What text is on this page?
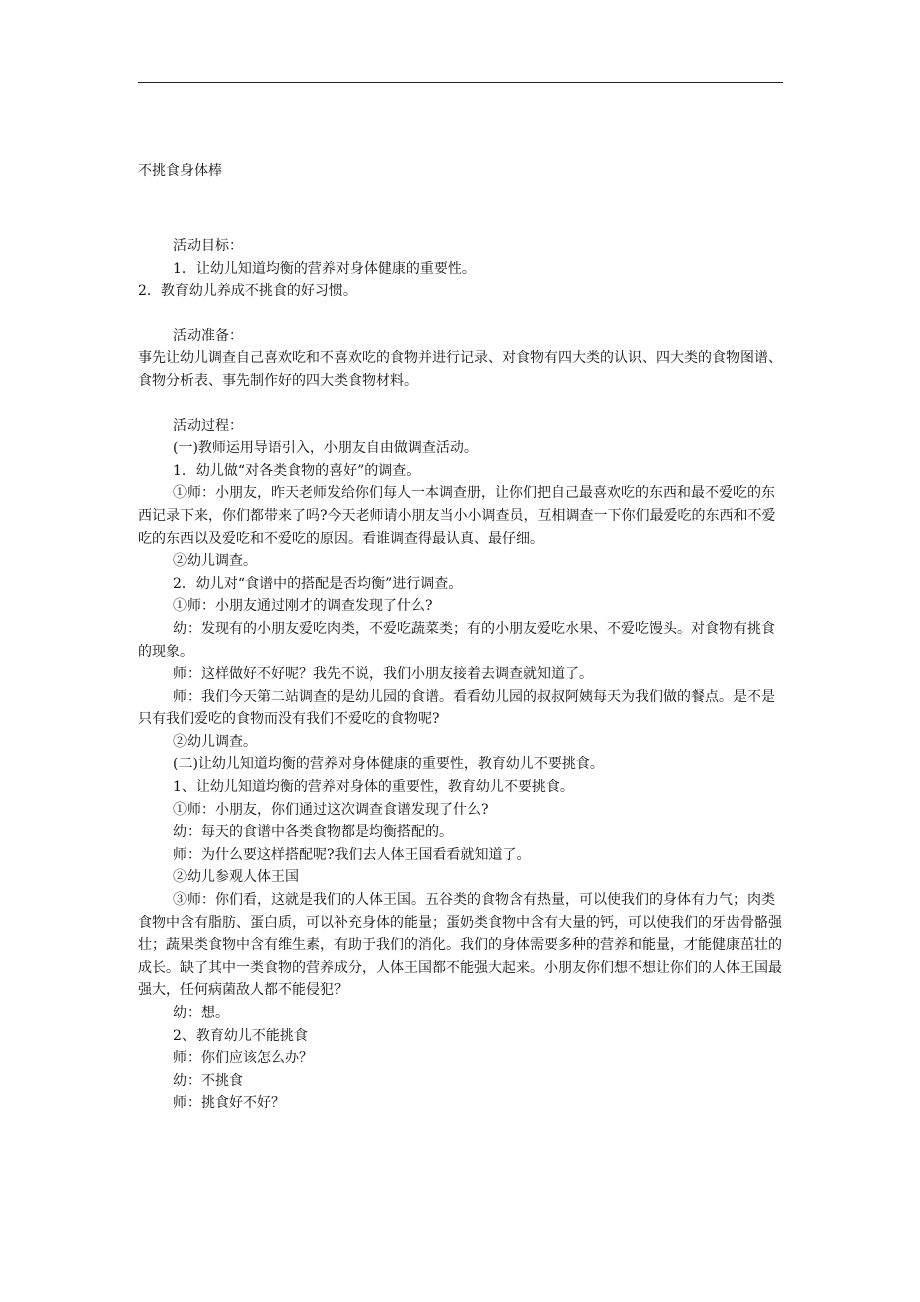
不挑食身体棒

活动目标：

1．让幼儿知道均衡的营养对身体健康的重要性。

2．教育幼儿养成不挑食的好习惯。

活动准备：

事先让幼儿调查自己喜欢吃和不喜欢吃的食物并进行记录、对食物有四大类的认识、四大类的食物图谱、食物分析表、事先制作好的四大类食物材料。

活动过程：

(一)教师运用导语引入，小朋友自由做调查活动。

1．幼儿做“对各类食物的喜好”的调查。

①师：小朋友，昨天老师发给你们每人一本调查册，让你们把自己最喜欢吃的东西和最不爱吃的东西记录下来，你们都带来了吗?今天老师请小朋友当小小调查员，互相调查一下你们最爱吃的东西和不爱吃的东西以及爱吃和不爱吃的原因。看谁调查得最认真、最仔细。

②幼儿调查。

2．幼儿对“食谱中的搭配是否均衡”进行调查。

①师：小朋友通过刚才的调查发现了什么?

幼：发现有的小朋友爱吃肉类，不爱吃蔬菜类；有的小朋友爱吃水果、不爱吃馒头。对食物有挑食的现象。

师：这样做好不好呢？我先不说，我们小朋友接着去调查就知道了。

师：我们今天第二站调查的是幼儿园的食谱。看看幼儿园的叔叔阿姨每天为我们做的餐点。是不是只有我们爱吃的食物而没有我们不爱吃的食物呢?

②幼儿调查。

(二)让幼儿知道均衡的营养对身体健康的重要性，教育幼儿不要挑食。

1、让幼儿知道均衡的营养对身体的重要性，教育幼儿不要挑食。

①师：小朋友，你们通过这次调查食谱发现了什么?

幼：每天的食谱中各类食物都是均衡搭配的。

师：为什么要这样搭配呢?我们去人体王国看看就知道了。

②幼儿参观人体王国

③师：你们看，这就是我们的人体王国。五谷类的食物含有热量，可以使我们的身体有力气；肉类食物中含有脂肪、蛋白质，可以补充身体的能量；蛋奶类食物中含有大量的钙，可以使我们的牙齿骨骼强壮；蔬果类食物中含有维生素，有助于我们的消化。我们的身体需要多种的营养和能量，才能健康茁壮的成长。缺了其中一类食物的营养成分，人体王国都不能强大起来。小朋友你们想不想让你们的人体王国最强大，任何病菌敌人都不能侵犯？

幼：想。

2、教育幼儿不能挑食

师：你们应该怎么办？

幼：不挑食

师：挑食好不好？
